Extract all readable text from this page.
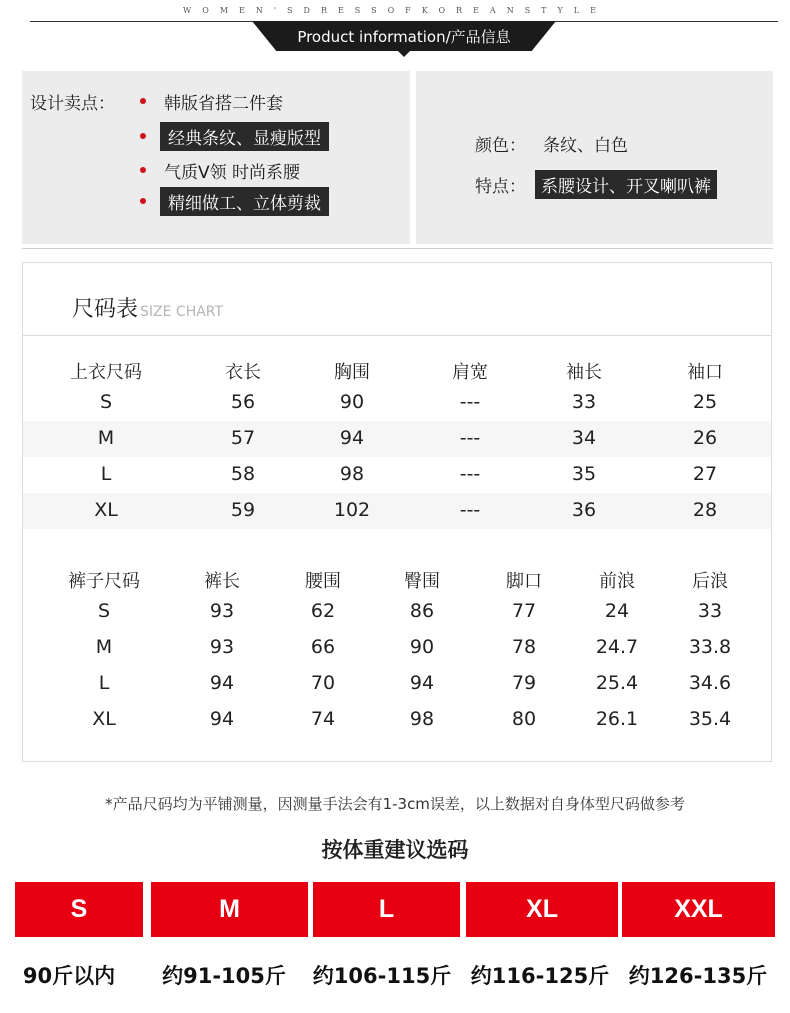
WOMEN'SDRESSOFKOREANSTYLE
Product information/产品信息
设计卖点：	韩版省搭二件套
经典条纹、显瘦版型
气质V领 时尚系腰
精细做工、立体剪裁
颜色： 条纹、白色
特点： 系腰设计、开叉喇叭裤
尺码表 SIZE CHART
上衣尺码	衣长	胸围	肩宽	袖长	袖口
S	56	90	---	33	25
M	57	94	---	34	26
L	58	98	---	35	27
XL	59	102	---	36	28
裤子尺码	裤长	腰围	臀围	脚口	前浪	后浪
S	93	62	86	77	24	33
M	93	66	90	78	24.7	33.8
L	94	70	94	79	25.4	34.6
XL	94	74	98	80	26.1	35.4
*产品尺码均为平铺测量，因测量手法会有1-3cm误差，以上数据对自身体型尺码做参考
按体重建议选码
S
90斤以内
M
约91-105斤
L
约106-115斤
XL
约116-125斤
XXL
约126-135斤
